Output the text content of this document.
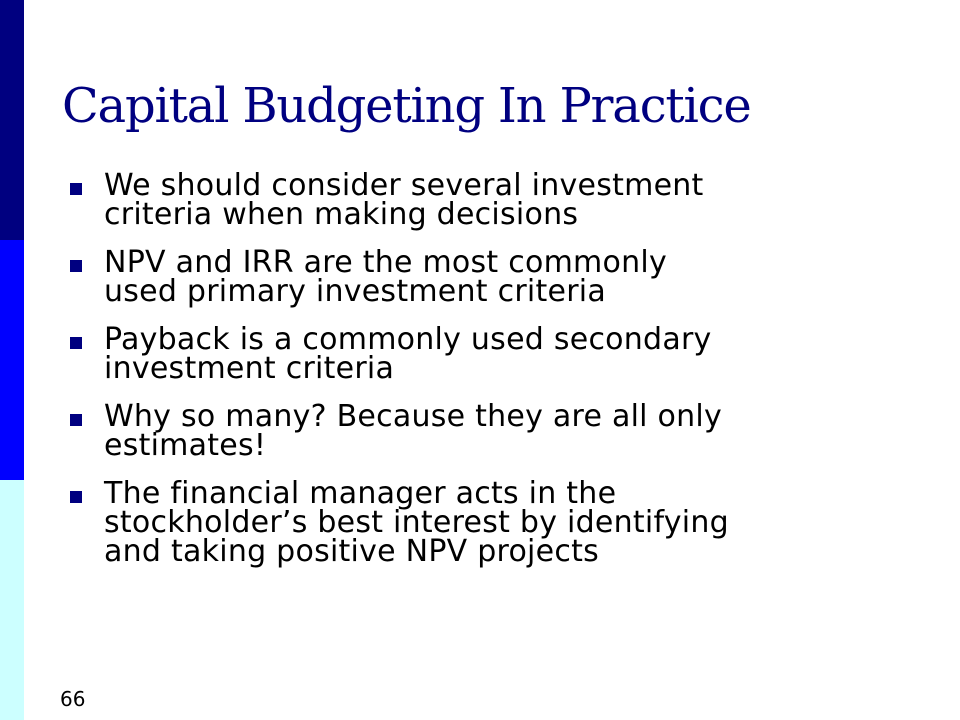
Capital Budgeting In Practice
We should consider several investment
criteria when making decisions
NPV and IRR are the most commonly
used primary investment criteria
Payback is a commonly used secondary
investment criteria
Why so many? Because they are all only
estimates!
The financial manager acts in the
stockholder’s best interest by identifying
and taking positive NPV projects
66
